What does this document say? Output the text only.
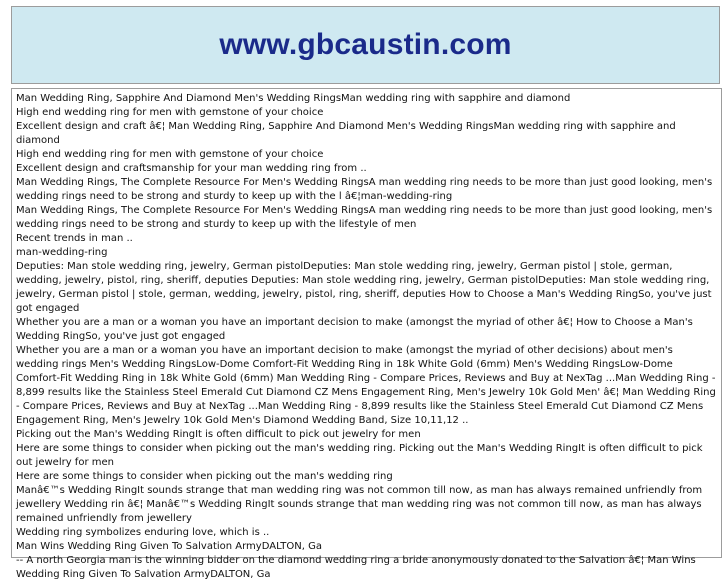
www.gbcaustin.com

Man Wedding Ring, Sapphire And Diamond Men's Wedding RingsMan wedding ring with sapphire and diamond

High end wedding ring for men with gemstone of your choice

Excellent design and craft â€¦ Man Wedding Ring, Sapphire And Diamond Men's Wedding RingsMan wedding ring with sapphire and diamond

High end wedding ring for men with gemstone of your choice

Excellent design and craftsmanship for your man wedding ring from ..

Man Wedding Rings, The Complete Resource For Men's Wedding RingsA man wedding ring needs to be more than just good looking, men's wedding rings need to be strong and sturdy to keep up with the l â€¦man-wedding-ring

Man Wedding Rings, The Complete Resource For Men's Wedding RingsA man wedding ring needs to be more than just good looking, men's wedding rings need to be strong and sturdy to keep up with the lifestyle of men

Recent trends in man ..

man-wedding-ring

Deputies: Man stole wedding ring, jewelry, German pistolDeputies: Man stole wedding ring, jewelry, German pistol | stole, german, wedding, jewelry, pistol, ring, sheriff, deputies Deputies: Man stole wedding ring, jewelry, German pistolDeputies: Man stole wedding ring, jewelry, German pistol | stole, german, wedding, jewelry, pistol, ring, sheriff, deputies How to Choose a Man's Wedding RingSo, you've just got engaged

Whether you are a man or a woman you have an important decision to make (amongst the myriad of other â€¦ How to Choose a Man's Wedding RingSo, you've just got engaged

Whether you are a man or a woman you have an important decision to make (amongst the myriad of other decisions) about men's wedding rings Men's Wedding RingsLow-Dome Comfort-Fit Wedding Ring in 18k White Gold (6mm) Men's Wedding RingsLow-Dome Comfort-Fit Wedding Ring in 18k White Gold (6mm) Man Wedding Ring - Compare Prices, Reviews and Buy at NexTag ...Man Wedding Ring - 8,899 results like the Stainless Steel Emerald Cut Diamond CZ Mens Engagement Ring, Men's Jewelry 10k Gold Men' â€¦ Man Wedding Ring - Compare Prices, Reviews and Buy at NexTag ...Man Wedding Ring - 8,899 results like the Stainless Steel Emerald Cut Diamond CZ Mens Engagement Ring, Men's Jewelry 10k Gold Men's Diamond Wedding Band, Size 10,11,12 ..

Picking out the Man's Wedding RingIt is often difficult to pick out jewelry for men

Here are some things to consider when picking out the man's wedding ring. Picking out the Man's Wedding RingIt is often difficult to pick out jewelry for men

Here are some things to consider when picking out the man's wedding ring

Manâ€™s Wedding RingIt sounds strange that man wedding ring was not common till now, as man has always remained unfriendly from jewellery Wedding rin â€¦ Manâ€™s Wedding RingIt sounds strange that man wedding ring was not common till now, as man has always remained unfriendly from jewellery

Wedding ring symbolizes enduring love, which is ..

Man Wins Wedding Ring Given To Salvation ArmyDALTON, Ga

-- A north Georgia man is the winning bidder on the diamond wedding ring a bride anonymously donated to the Salvation â€¦ Man Wins Wedding Ring Given To Salvation ArmyDALTON, Ga
